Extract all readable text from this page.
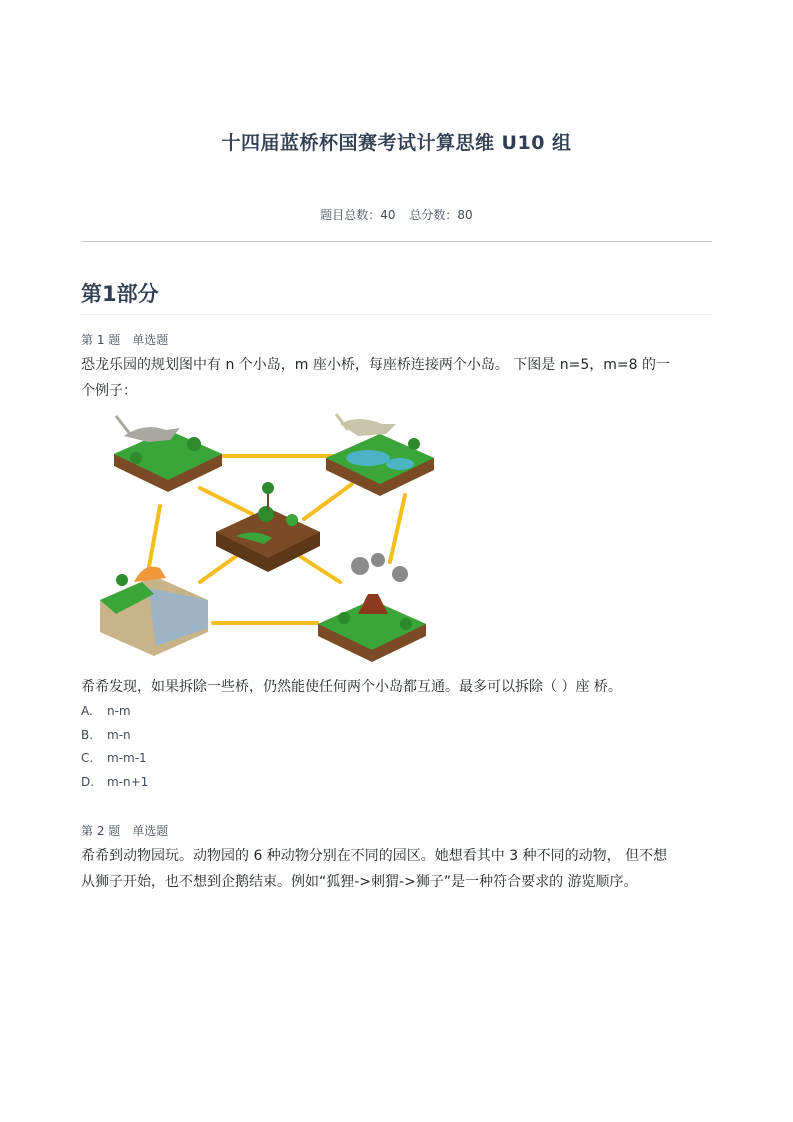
十四届蓝桥杯国赛考试计算思维 U10 组
题目总数：40 总分数：80
第1部分
第 1 题 单选题
恐龙乐园的规划图中有 n 个小岛，m 座小桥，每座桥连接两个小岛。 下图是 n=5，m=8 的一
个例子：
希希发现，如果拆除一些桥，仍然能使任何两个小岛都互通。最多可以拆除（ ）座 桥。
A. n-m
B. m-n
C. m-m-1
D. m-n+1
第 2 题 单选题
希希到动物园玩。动物园的 6 种动物分别在不同的园区。她想看其中 3 种不同的动物， 但不想
从狮子开始，也不想到企鹅结束。例如“狐狸->刺猬->狮子”是一种符合要求的 游览顺序。
